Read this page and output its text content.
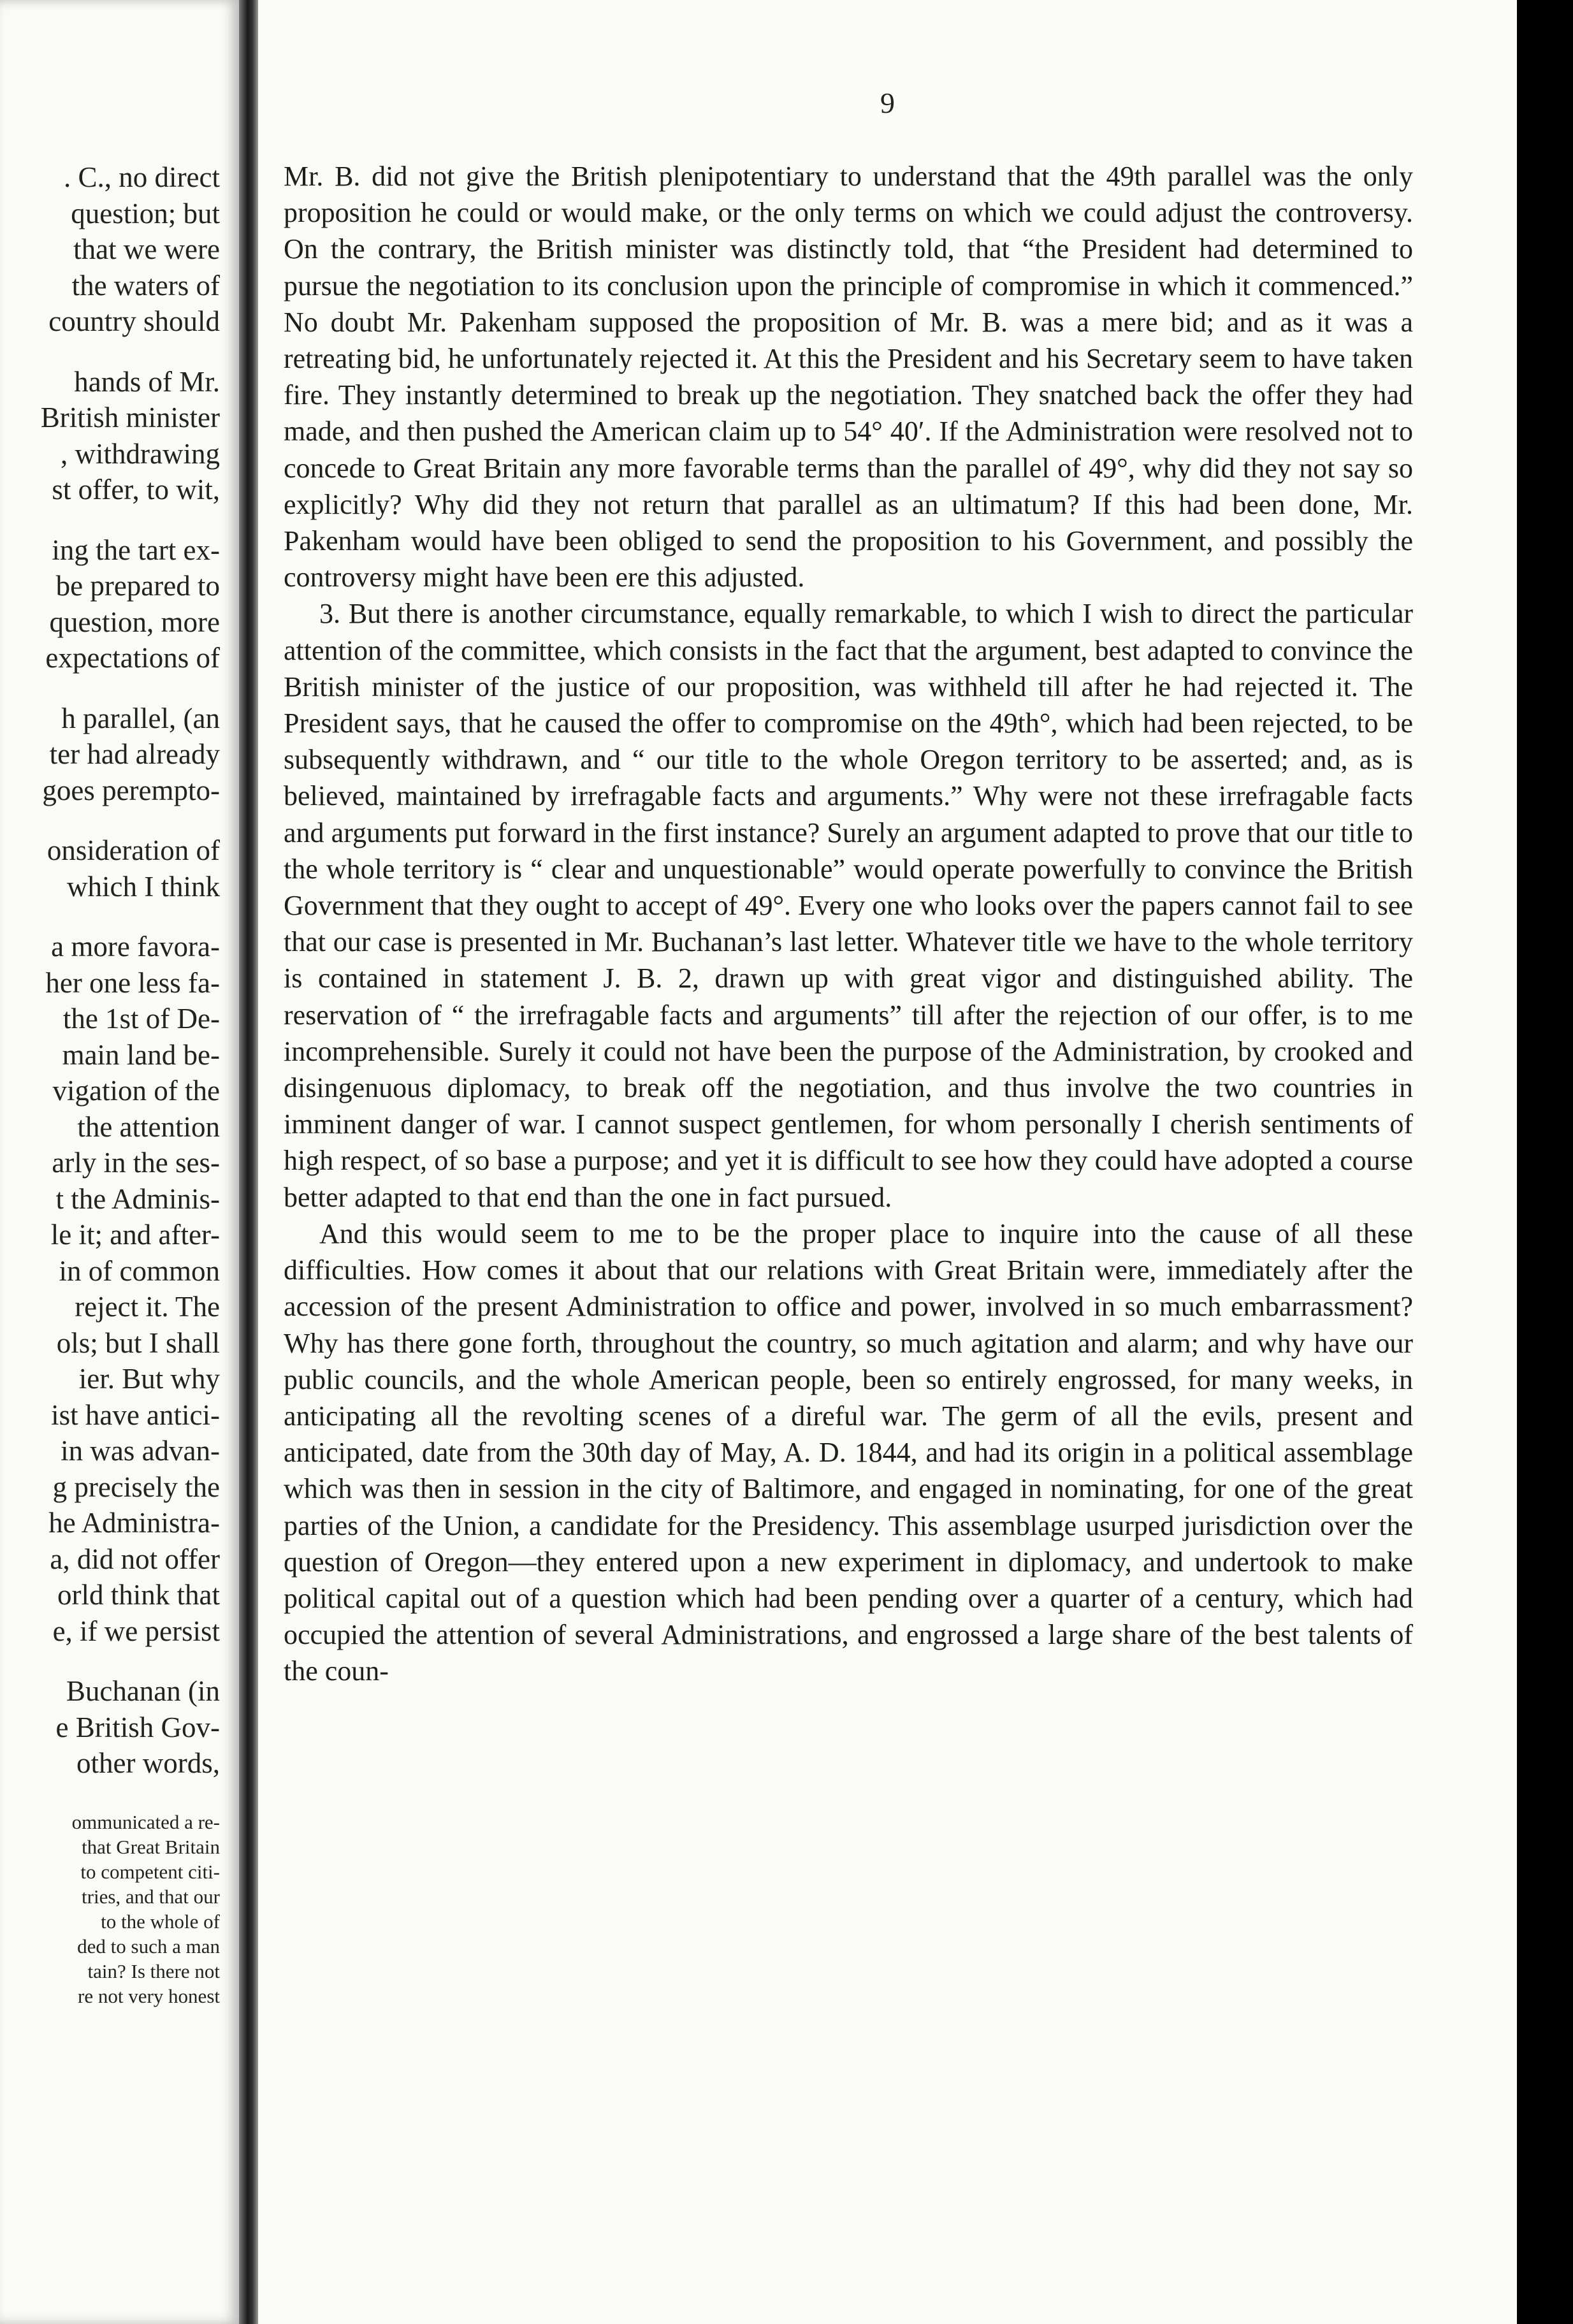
. C., no direct
question; but
that we were
the waters of
country should
hands of Mr.
British minister
, withdrawing
st offer, to wit,
ing the tart ex-
be prepared to
question, more
expectations of
h parallel, (an
ter had already
goes perempto-
onsideration of
which I think
a more favora-
her one less fa-
the 1st of De-
main land be-
vigation of the
the attention
arly in the ses-
t the Adminis-
le it; and after-
in of common
reject it. The
ols; but I shall
ier. But why
ist have antici-
in was advan-
g precisely the
he Administra-
a, did not offer
orld think that
e, if we persist
Buchanan (in
e British Gov-
other words,
ommunicated a re-
that Great Britain
to competent citi-
tries, and that our
to the whole of
ded to such a man
tain? Is there not
re not very honest
9

Mr. B. did not give the British plenipotentiary to understand that the 49th parallel was the only proposition he could or would make, or the only terms on which we could adjust the controversy. On the contrary, the British minister was distinctly told, that “the President had determined to pursue the negotiation to its conclusion upon the principle of compromise in which it commenced.” No doubt Mr. Pakenham supposed the proposition of Mr. B. was a mere bid; and as it was a retreating bid, he unfortunately rejected it. At this the President and his Secretary seem to have taken fire. They instantly determined to break up the negotiation. They snatched back the offer they had made, and then pushed the American claim up to 54° 40′. If the Administration were resolved not to concede to Great Britain any more favorable terms than the parallel of 49°, why did they not say so explicitly? Why did they not return that parallel as an ultimatum? If this had been done, Mr. Pakenham would have been obliged to send the proposition to his Government, and possibly the controversy might have been ere this adjusted.

3. But there is another circumstance, equally remarkable, to which I wish to direct the particular attention of the committee, which consists in the fact that the argument, best adapted to convince the British minister of the justice of our proposition, was withheld till after he had rejected it. The President says, that he caused the offer to compromise on the 49th°, which had been rejected, to be subsequently withdrawn, and “ our title to the whole Oregon territory to be asserted; and, as is believed, maintained by irrefragable facts and arguments.” Why were not these irrefragable facts and arguments put forward in the first instance? Surely an argument adapted to prove that our title to the whole territory is “ clear and unquestionable” would operate powerfully to convince the British Government that they ought to accept of 49°. Every one who looks over the papers cannot fail to see that our case is presented in Mr. Buchanan’s last letter. Whatever title we have to the whole territory is contained in statement J. B. 2, drawn up with great vigor and distinguished ability. The reservation of “ the irrefragable facts and arguments” till after the rejection of our offer, is to me incomprehensible. Surely it could not have been the purpose of the Administration, by crooked and disingenuous diplomacy, to break off the negotiation, and thus involve the two countries in imminent danger of war. I cannot suspect gentlemen, for whom personally I cherish sentiments of high respect, of so base a purpose; and yet it is difficult to see how they could have adopted a course better adapted to that end than the one in fact pursued.

And this would seem to me to be the proper place to inquire into the cause of all these difficulties. How comes it about that our relations with Great Britain were, immediately after the accession of the present Administration to office and power, involved in so much embarrassment? Why has there gone forth, throughout the country, so much agitation and alarm; and why have our public councils, and the whole American people, been so entirely engrossed, for many weeks, in anticipating all the revolting scenes of a direful war. The germ of all the evils, present and anticipated, date from the 30th day of May, A. D. 1844, and had its origin in a political assemblage which was then in session in the city of Baltimore, and engaged in nominating, for one of the great parties of the Union, a candidate for the Presidency. This assemblage usurped jurisdiction over the question of Oregon—they entered upon a new experiment in diplomacy, and undertook to make political capital out of a question which had been pending over a quarter of a century, which had occupied the attention of several Administrations, and engrossed a large share of the best talents of the coun-
